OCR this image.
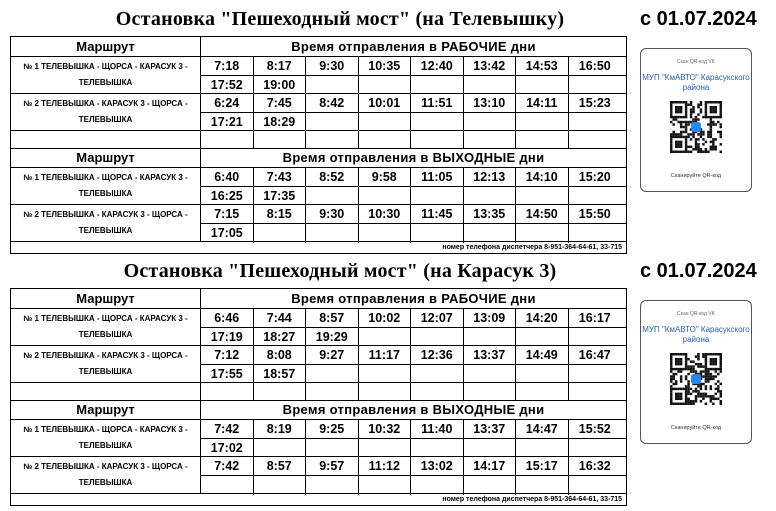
Остановка "Пешеходный мост" (на Телевышку)	с 01.07.2024
Маршрут	Время отправления в РАБОЧИЕ дни
№ 1 ТЕЛЕВЫШКА - ЩОРСА - КАРАСУК 3 - ТЕЛЕВЫШКА
7:18	8:17	9:30	10:35	12:40	13:42	14:53	16:50
17:52	19:00
№ 2 ТЕЛЕВЫШКА - КАРАСУК 3 - ЩОРСА - ТЕЛЕВЫШКА
6:24	7:45	8:42	10:01	11:51	13:10	14:11	15:23
17:21	18:29
Маршрут	Время отправления в ВЫХОДНЫЕ дни
№ 1 ТЕЛЕВЫШКА - ЩОРСА - КАРАСУК 3 - ТЕЛЕВЫШКА
6:40	7:43	8:52	9:58	11:05	12:13	14:10	15:20
16:25	17:35
№ 2 ТЕЛЕВЫШКА - КАРАСУК 3 - ЩОРСА - ТЕЛЕВЫШКА
7:15	8:15	9:30	10:30	11:45	13:35	14:50	15:50
17:05
номер телефона диспетчера 8-951-364-64-61, 33-715
Скан QR-код VK
МУП "КмАВТО" Карасукского района
Сканируйте QR-код
Остановка "Пешеходный мост" (на Карасук 3)	с 01.07.2024
Маршрут	Время отправления в РАБОЧИЕ дни
№ 1 ТЕЛЕВЫШКА - ЩОРСА - КАРАСУК 3 - ТЕЛЕВЫШКА
6:46	7:44	8:57	10:02	12:07	13:09	14:20	16:17
17:19	18:27	19:29
№ 2 ТЕЛЕВЫШКА - КАРАСУК 3 - ЩОРСА - ТЕЛЕВЫШКА
7:12	8:08	9:27	11:17	12:36	13:37	14:49	16:47
17:55	18:57
Маршрут	Время отправления в ВЫХОДНЫЕ дни
№ 1 ТЕЛЕВЫШКА - ЩОРСА - КАРАСУК 3 - ТЕЛЕВЫШКА
7:42	8:19	9:25	10:32	11:40	13:37	14:47	15:52
17:02
№ 2 ТЕЛЕВЫШКА - КАРАСУК 3 - ЩОРСА - ТЕЛЕВЫШКА
7:42	8:57	9:57	11:12	13:02	14:17	15:17	16:32
номер телефона диспетчера 8-951-364-64-61, 33-715
Скан QR-код VK
МУП "КмАВТО" Карасукского района
Сканируйте QR-код
